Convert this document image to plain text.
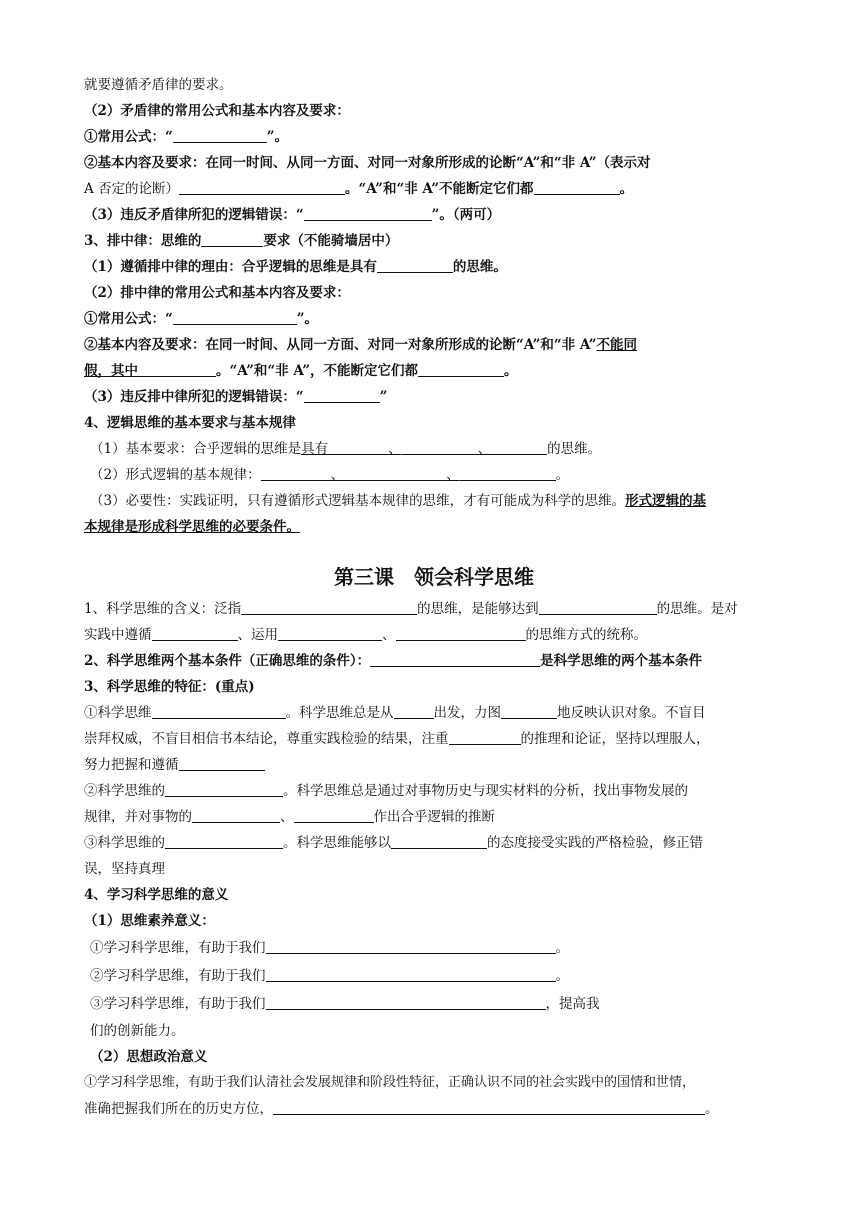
就要遵循矛盾律的要求。
（2）矛盾律的常用公式和基本内容及要求：
①常用公式：“	”。
②基本内容及要求：在同一时间、从同一方面、对同一对象所形成的论断“A”和“非 A”（表示对
A 否定的论断）	。“A”和“非 A”不能断定它们都	。
（3）违反矛盾律所犯的逻辑错误：“	”。（两可）
3、排中律：思维的	要求（不能骑墙居中）
（1）遵循排中律的理由：合乎逻辑的思维是具有	的思维。
（2）排中律的常用公式和基本内容及要求：
①常用公式：“	”。
②基本内容及要求：在同一时间、从同一方面、对同一对象所形成的论断“A”和“非 A”不能同
假，其中	。“A”和“非 A”，不能断定它们都	。
（3）违反排中律所犯的逻辑错误：“	”
4、逻辑思维的基本要求与基本规律
（1）基本要求：合乎逻辑的思维是具有	、	、	的思维。
（2）形式逻辑的基本规律：	、	、	。
（3）必要性：实践证明，只有遵循形式逻辑基本规律的思维，才有可能成为科学的思维。形式逻辑的基
本规律是形成科学思维的必要条件。
第三课　领会科学思维
1、科学思维的含义：泛指	的思维，是能够达到	的思维。是对
实践中遵循	、运用	、	的思维方式的统称。
2、科学思维两个基本条件（正确思维的条件）：	是科学思维的两个基本条件
3、科学思维的特征：(重点)
①科学思维	。科学思维总是从	出发，力图	地反映认识对象。不盲目
崇拜权威，不盲目相信书本结论，尊重实践检验的结果，注重	的推理和论证，坚持以理服人，
努力把握和遵循
②科学思维的	。科学思维总是通过对事物历史与现实材料的分析，找出事物发展的
规律，并对事物的	、	作出合乎逻辑的推断
③科学思维的	。科学思维能够以	的态度接受实践的严格检验，修正错
误，坚持真理
4、学习科学思维的意义
（1）思维素养意义：
①学习科学思维，有助于我们	。
②学习科学思维，有助于我们	。
③学习科学思维，有助于我们	，提高我
们的创新能力。
（2）思想政治意义
①学习科学思维，有助于我们认清社会发展规律和阶段性特征，正确认识不同的社会实践中的国情和世情，
准确把握我们所在的历史方位，	。
